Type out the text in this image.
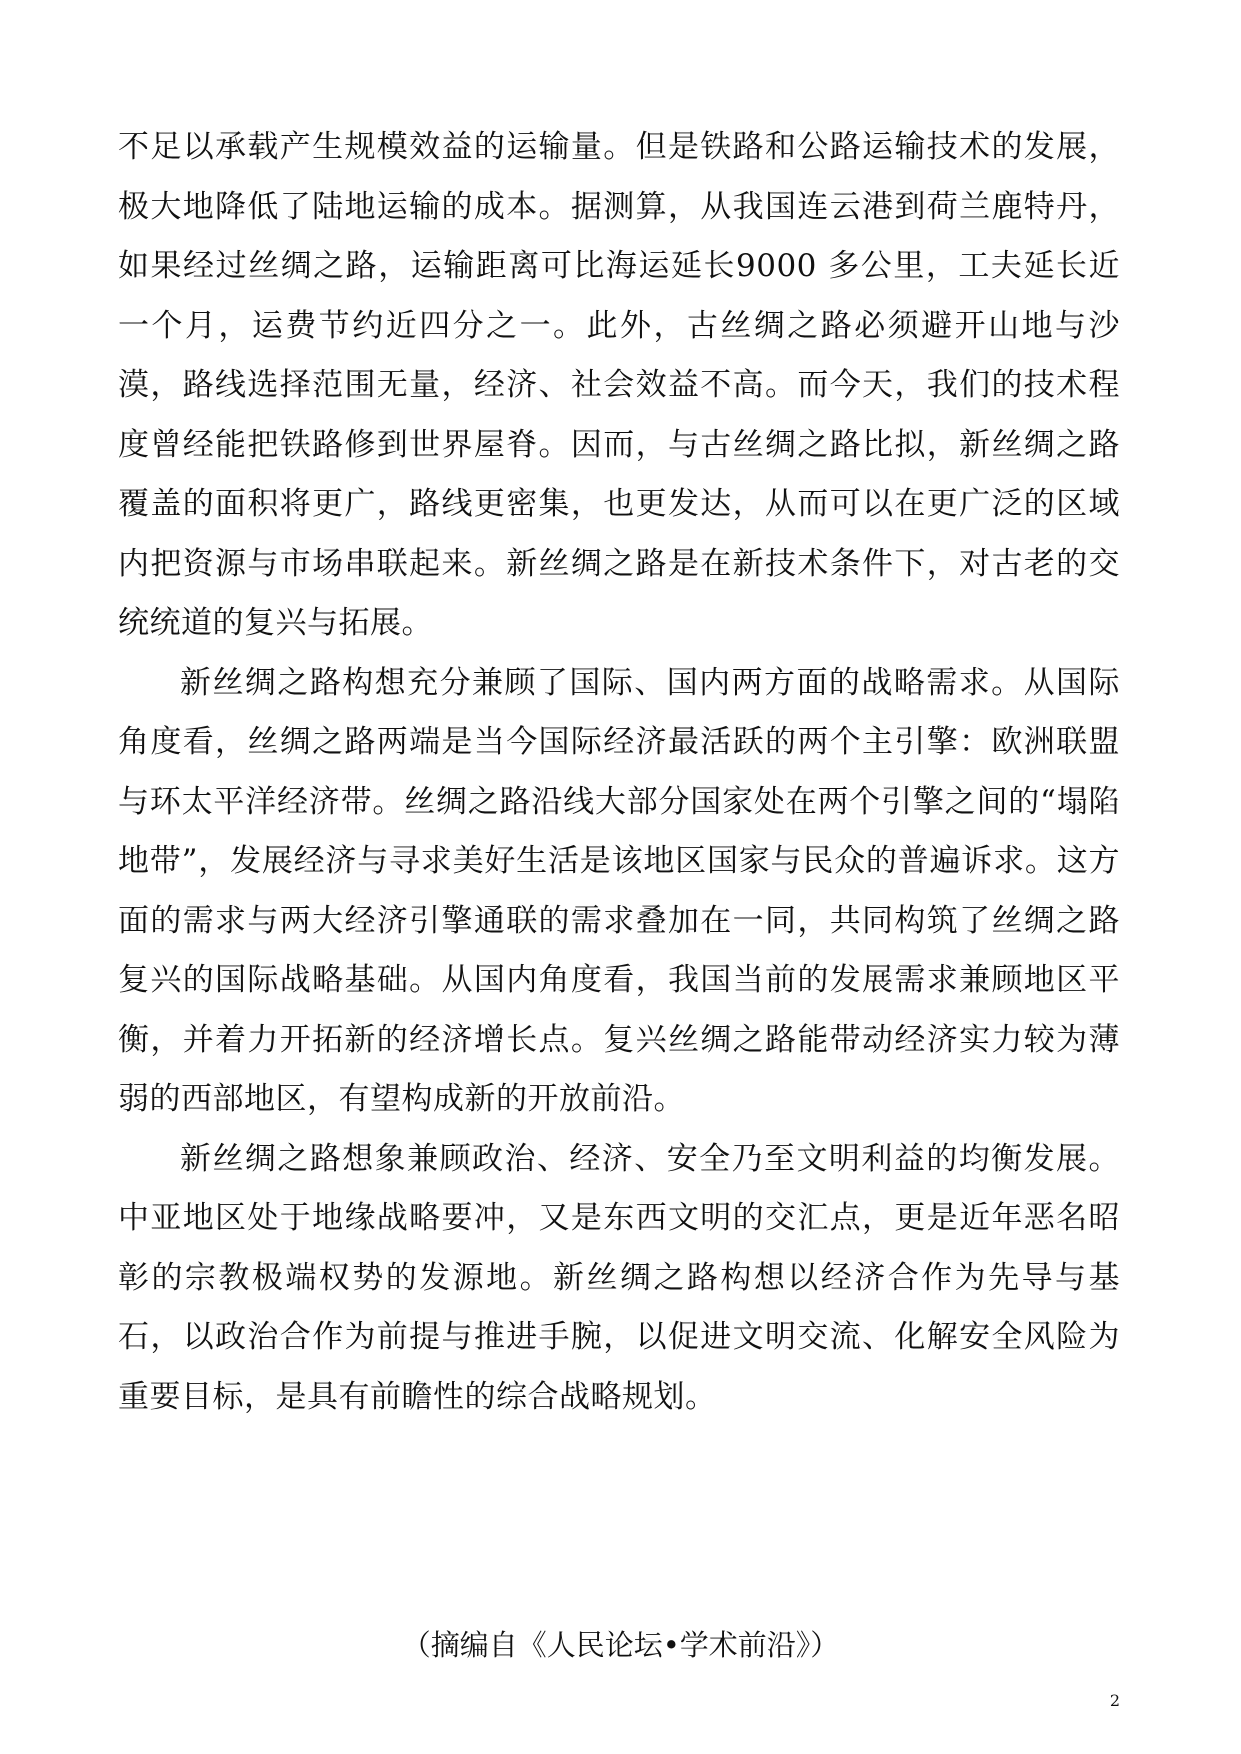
不足以承载产生规模效益的运输量。但是铁路和公路运输技术的发展，极大地降低了陆地运输的成本。据测算，从我国连云港到荷兰鹿特丹，如果经过丝绸之路，运输距离可比海运延长9000 多公里，工夫延长近一个月，运费节约近四分之一。此外，古丝绸之路必须避开山地与沙漠，路线选择范围无量，经济、社会效益不高。而今天，我们的技术程度曾经能把铁路修到世界屋脊。因而，与古丝绸之路比拟，新丝绸之路覆盖的面积将更广，路线更密集，也更发达，从而可以在更广泛的区域内把资源与市场串联起来。新丝绸之路是在新技术条件下，对古老的交统统道的复兴与拓展。

新丝绸之路构想充分兼顾了国际、国内两方面的战略需求。从国际角度看，丝绸之路两端是当今国际经济最活跃的两个主引擎：欧洲联盟与环太平洋经济带。丝绸之路沿线大部分国家处在两个引擎之间的“塌陷地带”，发展经济与寻求美好生活是该地区国家与民众的普遍诉求。这方面的需求与两大经济引擎通联的需求叠加在一同，共同构筑了丝绸之路复兴的国际战略基础。从国内角度看，我国当前的发展需求兼顾地区平衡，并着力开拓新的经济增长点。复兴丝绸之路能带动经济实力较为薄弱的西部地区，有望构成新的开放前沿。

新丝绸之路想象兼顾政治、经济、安全乃至文明利益的均衡发展。中亚地区处于地缘战略要冲，又是东西文明的交汇点，更是近年恶名昭彰的宗教极端权势的发源地。新丝绸之路构想以经济合作为先导与基石，以政治合作为前提与推进手腕，以促进文明交流、化解安全风险为重要目标，是具有前瞻性的综合战略规划。

（摘编自《人民论坛•学术前沿》）
2
